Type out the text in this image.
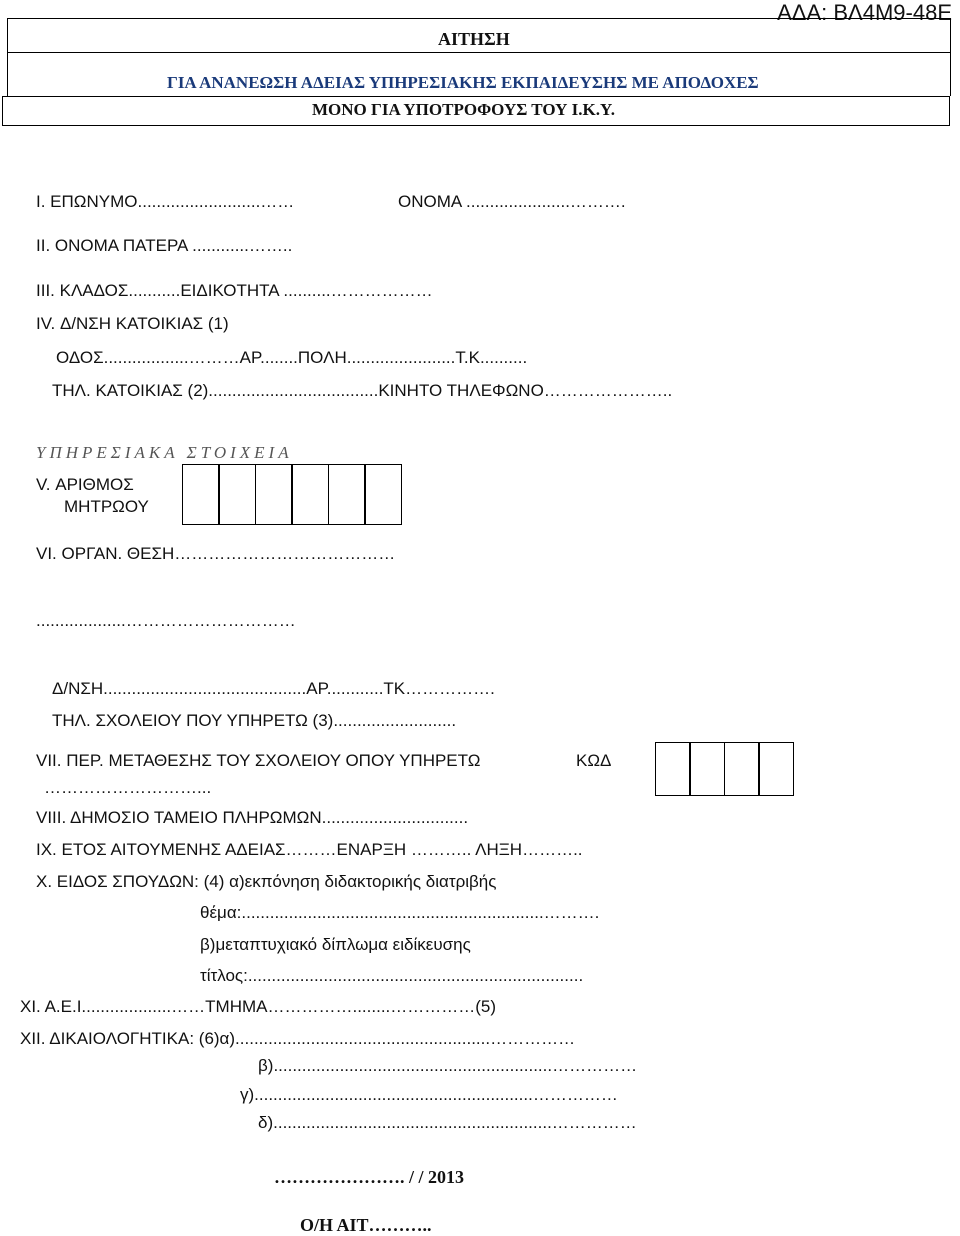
ΑΔΑ: ΒΛ4Μ9-48Ε
ΑΙΤΗΣΗ
ΓΙΑ ΑΝΑΝΕΩΣΗ ΑΔΕΙΑΣ ΥΠΗΡΕΣΙΑΚΗΣ ΕΚΠΑΙΔΕΥΣΗΣ ΜΕ ΑΠΟΔΟΧΕΣ
ΜΟΝΟ ΓΙΑ ΥΠΟΤΡΟΦΟΥΣ ΤΟΥ Ι.Κ.Υ.
Ι. ΕΠΩΝΥΜΟ..........................……	ΟΝΟΜΑ ......................……….
ΙΙ. ΟΝΟΜΑ ΠΑΤΕΡΑ ............……..
ΙΙΙ. ΚΛΑΔΟΣ...........ΕΙΔΙΚΟΤΗΤΑ ..........………………
ΙV. Δ/ΝΣΗ ΚΑΤΟΙΚΙΑΣ (1)
ΟΔΟΣ..................………ΑΡ........ΠΟΛΗ.......................Τ.Κ..........
ΤΗΛ. ΚΑΤΟΙΚΙΑΣ (2)....................................ΚΙΝΗΤΟ ΤΗΛΕΦΩΝΟ…………………..
ΥΠΗΡΕΣΙΑΚΑ ΣΤΟΙΧΕΙΑ
V. ΑΡΙΘΜΟΣ
ΜΗΤΡΩΟΥ
VΙ. ΟΡΓΑΝ. ΘΕΣΗ…………………………………
...................…………………………
Δ/ΝΣΗ...........................................ΑΡ............ΤΚ…………….
ΤΗΛ. ΣΧΟΛΕΙΟΥ ΠΟΥ ΥΠΗΡΕΤΩ (3)..........................
VΙΙ. ΠΕΡ. ΜΕΤΑΘΕΣΗΣ ΤΟΥ ΣΧΟΛΕΙΟΥ ΟΠΟΥ ΥΠΗΡΕΤΩ	ΚΩΔ
………………………...
VΙΙΙ. ΔΗΜΟΣΙΟ ΤΑΜΕΙΟ ΠΛΗΡΩΜΩΝ...............................
ΙΧ. ΕΤΟΣ ΑΙΤΟΥΜΕΝΗΣ ΑΔΕΙΑΣ………ΕΝΑΡΞΗ ……….. ΛΗΞΗ………..
Χ. ΕΙΔΟΣ ΣΠΟΥΔΩΝ: (4) α)εκπόνηση διδακτορικής διατριβής
θέμα:................................................................……….
β)μεταπτυχιακό δίπλωμα ειδίκευσης
τίτλος:.......................................................................
ΧΙ. Α.Ε.Ι...................……ΤΜΗΜΑ……………........……………(5)
ΧΙΙ. ΔΙΚΑΙΟΛΟΓΗΤΙΚΑ: (6)α)......................................................……………
β)...........................................................……………
γ)...........................................................……………
δ)...........................................................……………
…………………. / / 2013
Ο/Η ΑΙΤ………..
